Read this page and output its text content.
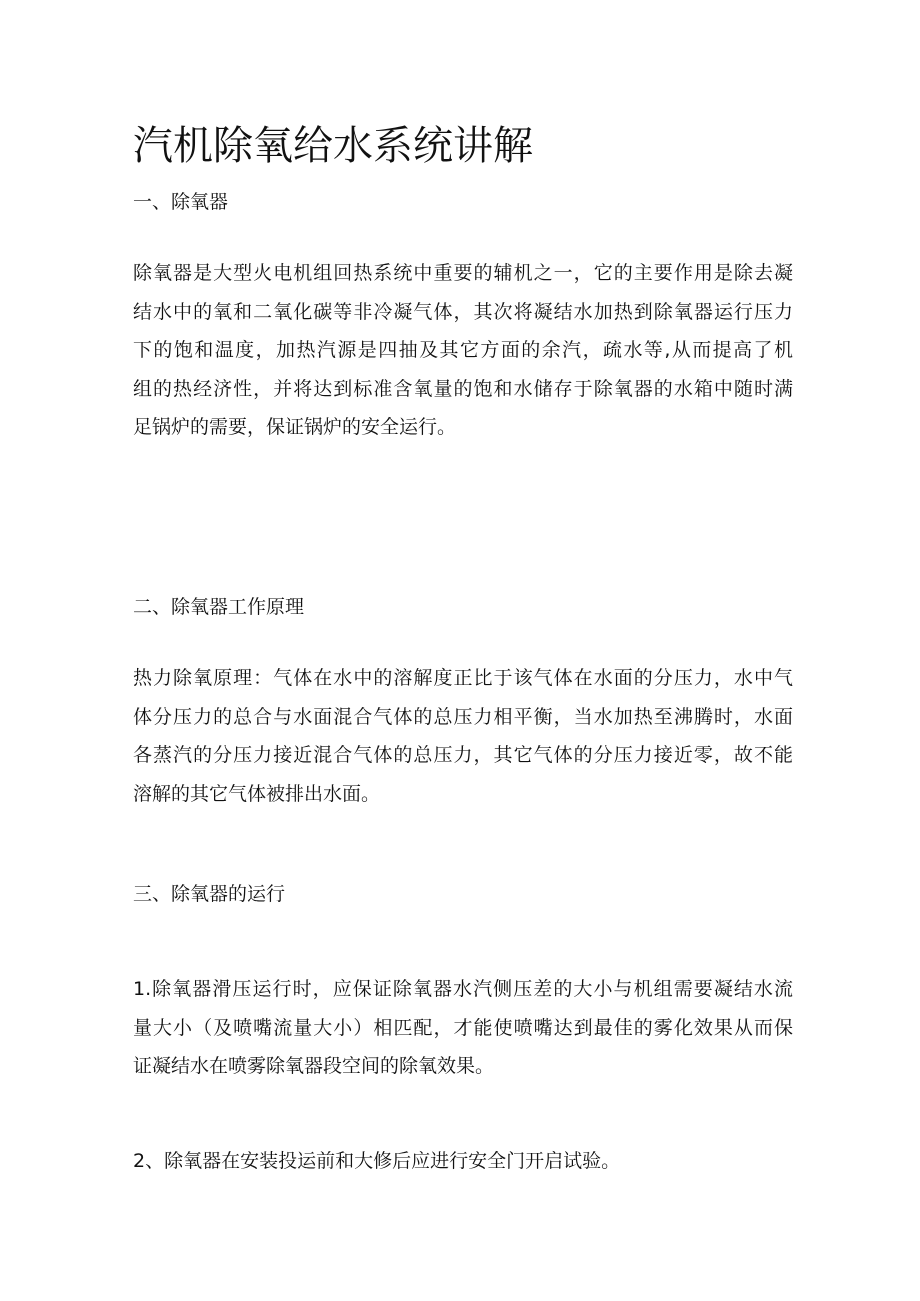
汽机除氧给水系统讲解

一、除氧器

除氧器是大型火电机组回热系统中重要的辅机之一，它的主要作用是除去凝
结水中的氧和二氧化碳等非冷凝气体，其次将凝结水加热到除氧器运行压力
下的饱和温度，加热汽源是四抽及其它方面的余汽，疏水等,从而提高了机
组的热经济性，并将达到标准含氧量的饱和水储存于除氧器的水箱中随时满
足锅炉的需要，保证锅炉的安全运行。

二、除氧器工作原理

热力除氧原理：气体在水中的溶解度正比于该气体在水面的分压力，水中气
体分压力的总合与水面混合气体的总压力相平衡，当水加热至沸腾时，水面
各蒸汽的分压力接近混合气体的总压力，其它气体的分压力接近零，故不能
溶解的其它气体被排出水面。

三、除氧器的运行

1.除氧器滑压运行时，应保证除氧器水汽侧压差的大小与机组需要凝结水流
量大小（及喷嘴流量大小）相匹配，才能使喷嘴达到最佳的雾化效果从而保
证凝结水在喷雾除氧器段空间的除氧效果。

2、除氧器在安装投运前和大修后应进行安全门开启试验。
